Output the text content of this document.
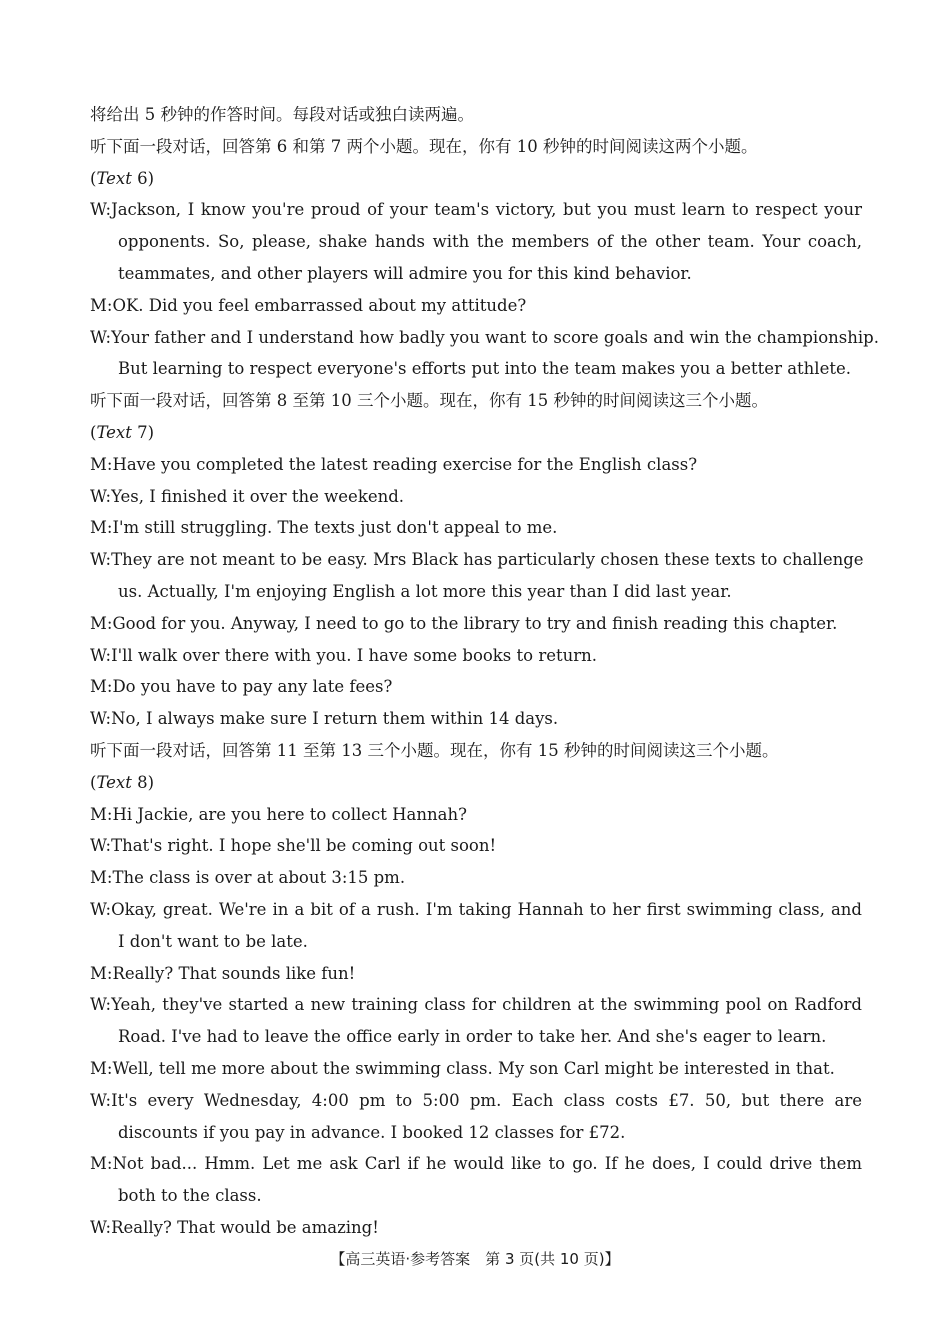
将给出 5 秒钟的作答时间。每段对话或独白读两遍。
听下面一段对话，回答第 6 和第 7 两个小题。现在，你有 10 秒钟的时间阅读这两个小题。
(Text 6)
W:Jackson, I know you're proud of your team's victory, but you must learn to respect your
opponents. So, please, shake hands with the members of the other team. Your coach,
teammates, and other players will admire you for this kind behavior.
M:OK. Did you feel embarrassed about my attitude?
W:Your father and I understand how badly you want to score goals and win the championship.
But learning to respect everyone's efforts put into the team makes you a better athlete.
听下面一段对话，回答第 8 至第 10 三个小题。现在，你有 15 秒钟的时间阅读这三个小题。
(Text 7)
M:Have you completed the latest reading exercise for the English class?
W:Yes, I finished it over the weekend.
M:I'm still struggling. The texts just don't appeal to me.
W:They are not meant to be easy. Mrs Black has particularly chosen these texts to challenge
us. Actually, I'm enjoying English a lot more this year than I did last year.
M:Good for you. Anyway, I need to go to the library to try and finish reading this chapter.
W:I'll walk over there with you. I have some books to return.
M:Do you have to pay any late fees?
W:No, I always make sure I return them within 14 days.
听下面一段对话，回答第 11 至第 13 三个小题。现在，你有 15 秒钟的时间阅读这三个小题。
(Text 8)
M:Hi Jackie, are you here to collect Hannah?
W:That's right. I hope she'll be coming out soon!
M:The class is over at about 3:15 pm.
W:Okay, great. We're in a bit of a rush. I'm taking Hannah to her first swimming class, and
I don't want to be late.
M:Really? That sounds like fun!
W:Yeah, they've started a new training class for children at the swimming pool on Radford
Road. I've had to leave the office early in order to take her. And she's eager to learn.
M:Well, tell me more about the swimming class. My son Carl might be interested in that.
W:It's every Wednesday, 4:00 pm to 5:00 pm. Each class costs £7. 50, but there are
discounts if you pay in advance. I booked 12 classes for £72.
M:Not bad... Hmm. Let me ask Carl if he would like to go. If he does, I could drive them
both to the class.
W:Really? That would be amazing!
【高三英语·参考答案　第 3 页(共 10 页)】
